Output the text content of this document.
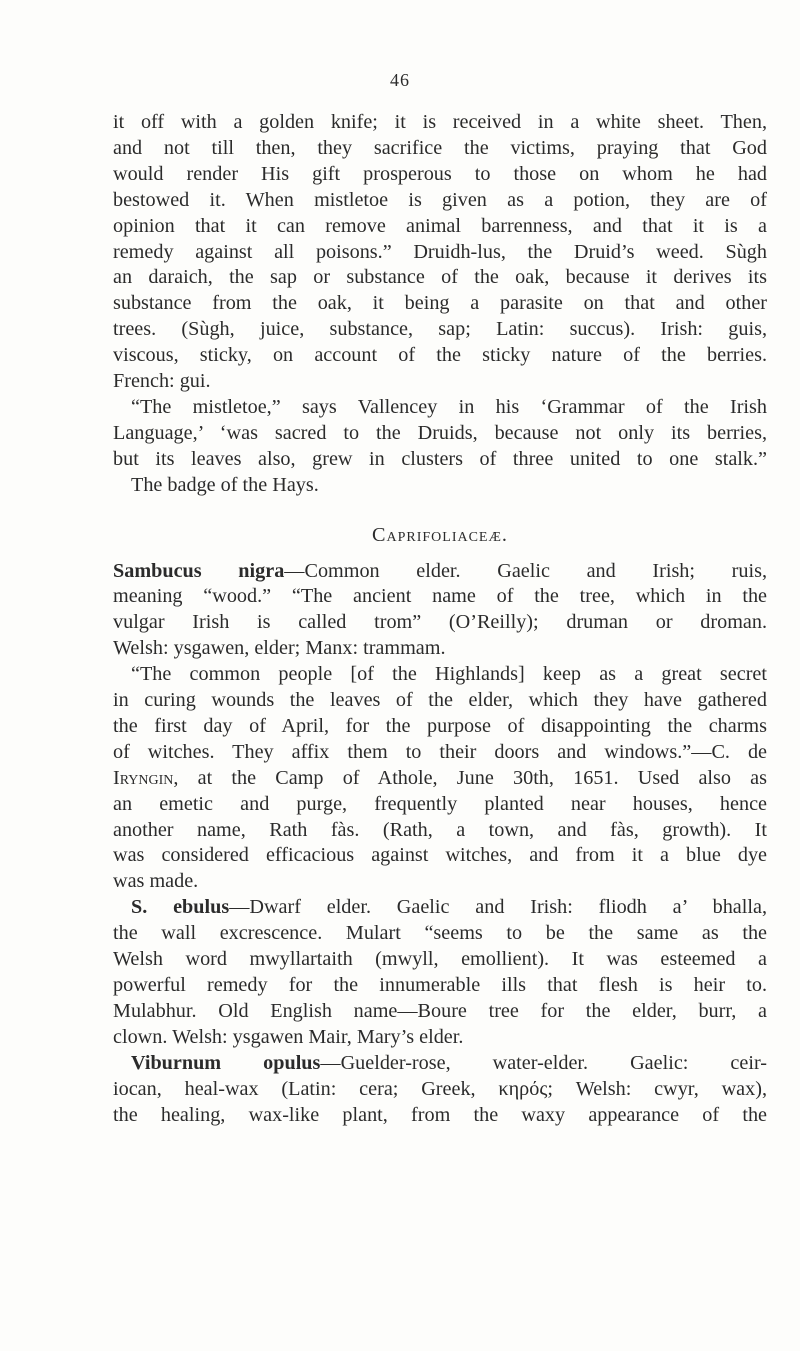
46
it off with a golden knife; it is received in a white sheet. Then,
and not till then, they sacrifice the victims, praying that God
would render His gift prosperous to those on whom he had
bestowed it. When mistletoe is given as a potion, they are of
opinion that it can remove animal barrenness, and that it is a
remedy against all poisons.” Druidh-lus, the Druid’s weed. Sùgh
an daraich, the sap or substance of the oak, because it derives its
substance from the oak, it being a parasite on that and other
trees. (Sùgh, juice, substance, sap; Latin: succus). Irish: guis,
viscous, sticky, on account of the sticky nature of the berries.
French: gui.
“The mistletoe,” says Vallencey in his ‘Grammar of the Irish
Language,’ ‘was sacred to the Druids, because not only its berries,
but its leaves also, grew in clusters of three united to one stalk.”
The badge of the Hays.
Caprifoliaceæ.
Sambucus nigra—Common elder. Gaelic and Irish; ruis,
meaning “wood.” “The ancient name of the tree, which in the
vulgar Irish is called trom” (O’Reilly); druman or droman.
Welsh: ysgawen, elder; Manx: trammam.
“The common people [of the Highlands] keep as a great secret
in curing wounds the leaves of the elder, which they have gathered
the first day of April, for the purpose of disappointing the charms
of witches. They affix them to their doors and windows.”—C. de
Iryngin, at the Camp of Athole, June 30th, 1651. Used also as
an emetic and purge, frequently planted near houses, hence
another name, Rath fàs. (Rath, a town, and fàs, growth). It
was considered efficacious against witches, and from it a blue dye
was made.
S. ebulus—Dwarf elder. Gaelic and Irish: fliodh a’ bhalla,
the wall excrescence. Mulart “seems to be the same as the
Welsh word mwyllartaith (mwyll, emollient). It was esteemed a
powerful remedy for the innumerable ills that flesh is heir to.
Mulabhur. Old English name—Boure tree for the elder, burr, a
clown. Welsh: ysgawen Mair, Mary’s elder.
Viburnum opulus—Guelder-rose, water-elder. Gaelic: ceir-
iocan, heal-wax (Latin: cera; Greek, κηρός; Welsh: cwyr, wax),
the healing, wax-like plant, from the waxy appearance of the
